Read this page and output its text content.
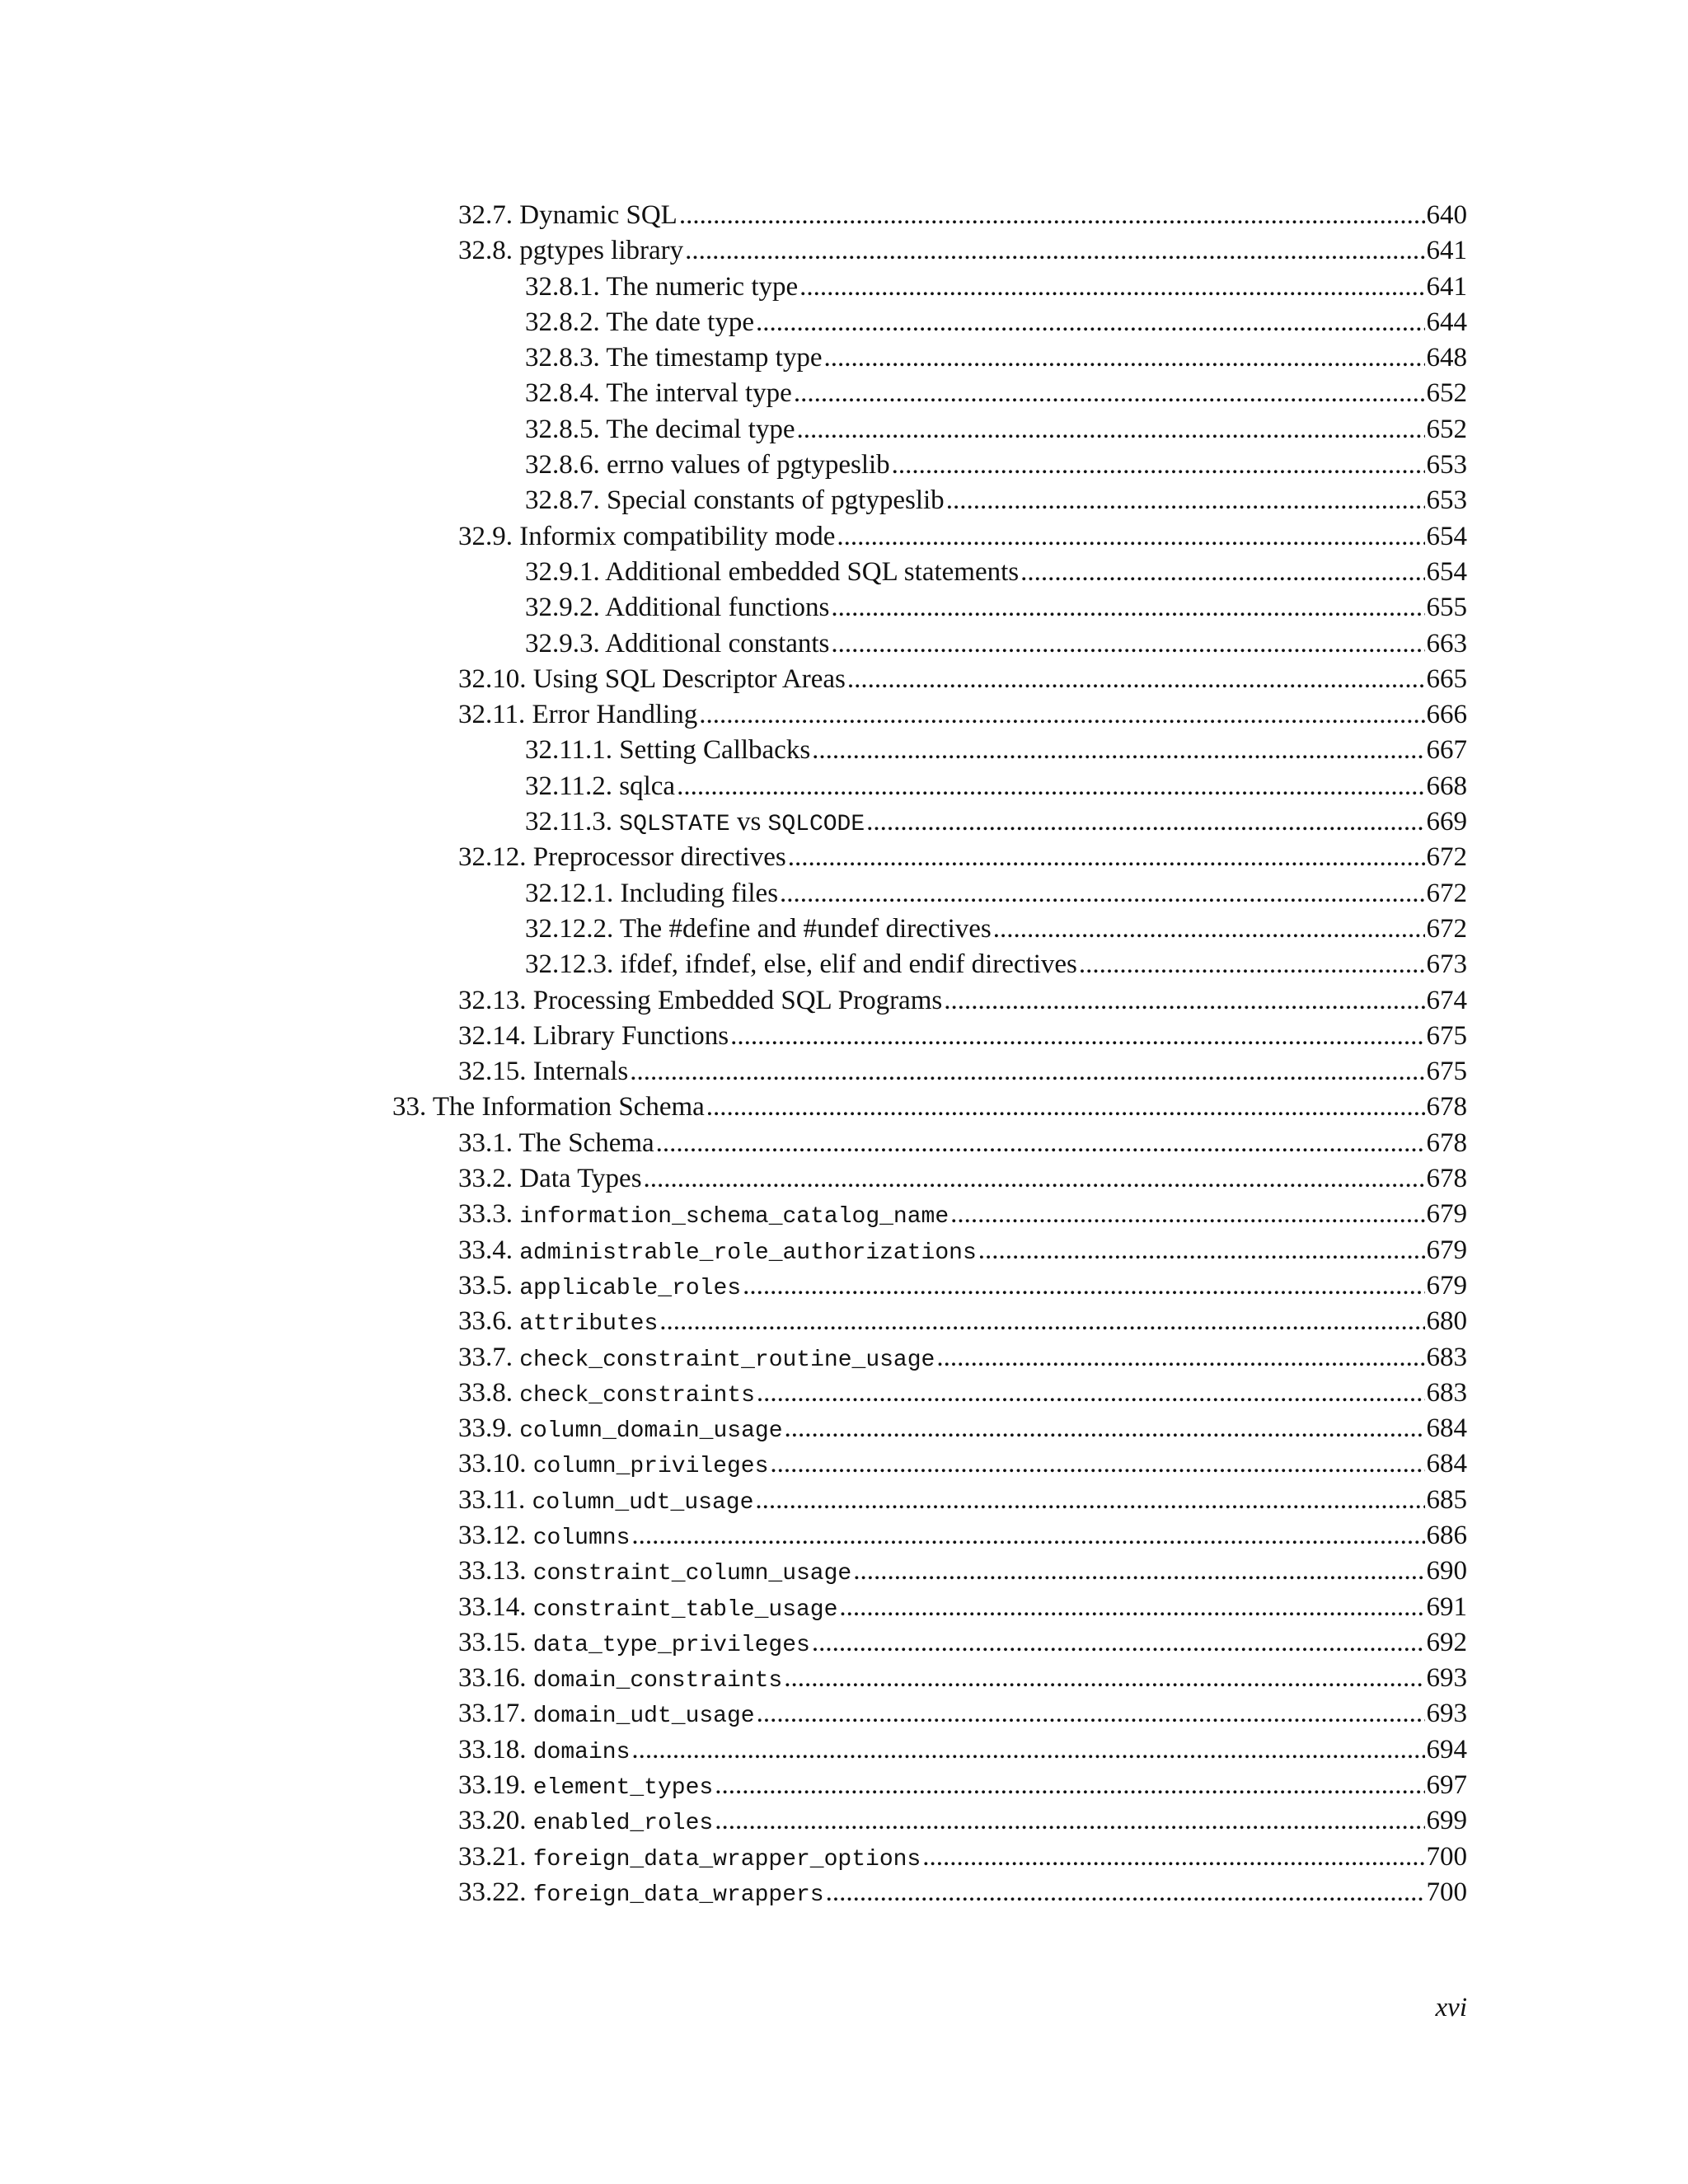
32.7. Dynamic SQL .....	640
32.8. pgtypes library .....	641
32.8.1. The numeric type .....	641
32.8.2. The date type .....	644
32.8.3. The timestamp type .....	648
32.8.4. The interval type .....	652
32.8.5. The decimal type .....	652
32.8.6. errno values of pgtypeslib .....	653
32.8.7. Special constants of pgtypeslib .....	653
32.9. Informix compatibility mode .....	654
32.9.1. Additional embedded SQL statements .....	654
32.9.2. Additional functions .....	655
32.9.3. Additional constants .....	663
32.10. Using SQL Descriptor Areas .....	665
32.11. Error Handling .....	666
32.11.1. Setting Callbacks .....	667
32.11.2. sqlca .....	668
32.11.3. SQLSTATE vs SQLCODE .....	669
32.12. Preprocessor directives .....	672
32.12.1. Including files .....	672
32.12.2. The #define and #undef directives .....	672
32.12.3. ifdef, ifndef, else, elif and endif directives .....	673
32.13. Processing Embedded SQL Programs .....	674
32.14. Library Functions .....	675
32.15. Internals .....	675
33. The Information Schema .....	678
33.1. The Schema .....	678
33.2. Data Types .....	678
33.3. information_schema_catalog_name .....	679
33.4. administrable_role_authorizations .....	679
33.5. applicable_roles .....	679
33.6. attributes .....	680
33.7. check_constraint_routine_usage .....	683
33.8. check_constraints .....	683
33.9. column_domain_usage .....	684
33.10. column_privileges .....	684
33.11. column_udt_usage .....	685
33.12. columns .....	686
33.13. constraint_column_usage .....	690
33.14. constraint_table_usage .....	691
33.15. data_type_privileges .....	692
33.16. domain_constraints .....	693
33.17. domain_udt_usage .....	693
33.18. domains .....	694
33.19. element_types .....	697
33.20. enabled_roles .....	699
33.21. foreign_data_wrapper_options .....	700
33.22. foreign_data_wrappers .....	700
xvi
